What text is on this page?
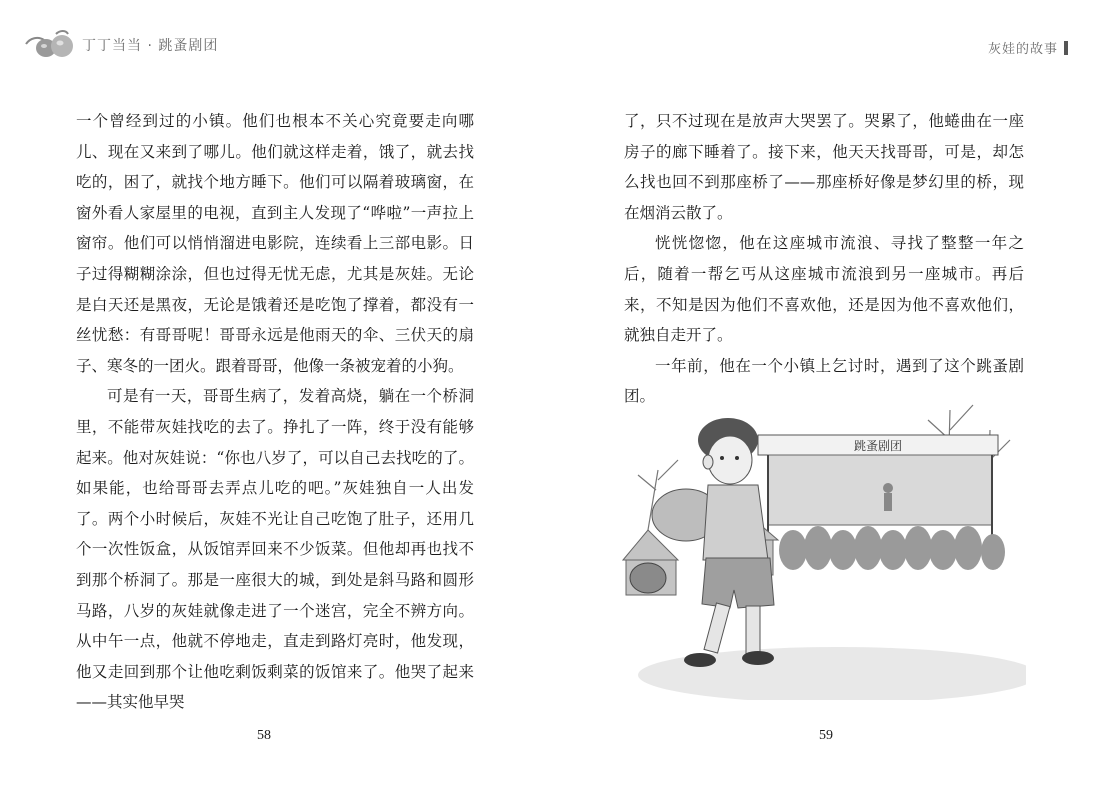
丁丁当当 · 跳蚤剧团

一个曾经到过的小镇。他们也根本不关心究竟要走向哪儿、现在又来到了哪儿。他们就这样走着，饿了，就去找吃的，困了，就找个地方睡下。他们可以隔着玻璃窗，在窗外看人家屋里的电视，直到主人发现了“哗啦”一声拉上窗帘。他们可以悄悄溜进电影院，连续看上三部电影。日子过得糊糊涂涂，但也过得无忧无虑，尤其是灰娃。无论是白天还是黑夜，无论是饿着还是吃饱了撑着，都没有一丝忧愁：有哥哥呢！哥哥永远是他雨天的伞、三伏天的扇子、寒冬的一团火。跟着哥哥，他像一条被宠着的小狗。

可是有一天，哥哥生病了，发着高烧，躺在一个桥洞里，不能带灰娃找吃的去了。挣扎了一阵，终于没有能够起来。他对灰娃说：“你也八岁了，可以自己去找吃的了。如果能，也给哥哥去弄点儿吃的吧。”灰娃独自一人出发了。两个小时候后，灰娃不光让自己吃饱了肚子，还用几个一次性饭盒，从饭馆弄回来不少饭菜。但他却再也找不到那个桥洞了。那是一座很大的城，到处是斜马路和圆形马路，八岁的灰娃就像走进了一个迷宫，完全不辨方向。从中午一点，他就不停地走，直走到路灯亮时，他发现，他又走回到那个让他吃剩饭剩菜的饭馆来了。他哭了起来——其实他早哭

58
灰娃的故事

了，只不过现在是放声大哭罢了。哭累了，他蜷曲在一座房子的廊下睡着了。接下来，他天天找哥哥，可是，却怎么找也回不到那座桥了——那座桥好像是梦幻里的桥，现在烟消云散了。

恍恍惚惚，他在这座城市流浪、寻找了整整一年之后，随着一帮乞丐从这座城市流浪到另一座城市。再后来，不知是因为他们不喜欢他，还是因为他不喜欢他们，就独自走开了。

一年前，他在一个小镇上乞讨时，遇到了这个跳蚤剧团。

跳蚤剧团
59
